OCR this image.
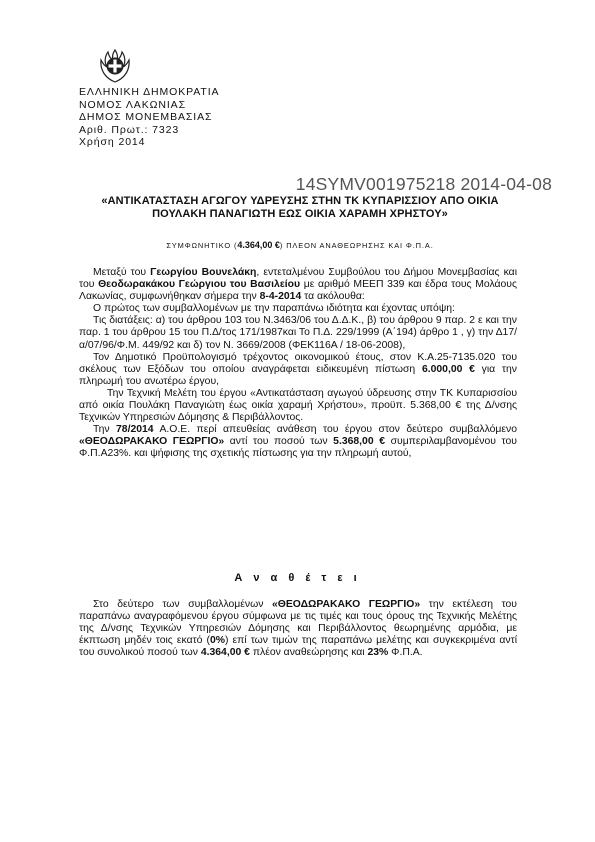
ΕΛΛΗΝΙΚΗ ΔΗΜΟΚΡΑΤΙΑ
ΝΟΜΟΣ ΛΑΚΩΝΙΑΣ
ΔΗΜΟΣ ΜΟΝΕΜΒΑΣΙΑΣ
Αριθ. Πρωτ.: 7323
Χρήση 2014
14SYMV001975218 2014-04-08
«ΑΝΤΙΚΑΤΑΣΤΑΣΗ ΑΓΩΓΟΥ ΥΔΡΕΥΣΗΣ ΣΤΗΝ ΤΚ ΚΥΠΑΡΙΣΣΙΟΥ ΑΠΟ ΟΙΚΙΑ
ΠΟΥΛΑΚΗ ΠΑΝΑΓΙΩΤΗ ΕΩΣ ΟΙΚΙΑ ΧΑΡΑΜΗ ΧΡΗΣΤΟΥ»
ΣΥΜΦΩΝΗΤΙΚΟ (4.364,00 €) ΠΛΕΟΝ ΑΝΑΘΕΩΡΗΣΗΣ ΚΑΙ Φ.Π.Α.

Μεταξύ του Γεωργίου Βουνελάκη, εντεταλμένου Συμβούλου του Δήμου Μονεμβασίας και του Θεοδωρακάκου Γεώργιου του Βασιλείου με αριθμό ΜΕΕΠ 339 και έδρα τους Μολάους Λακωνίας, συμφωνήθηκαν σήμερα την 8-4-2014 τα ακόλουθα:

Ο πρώτος των συμβαλλομένων με την παραπάνω ιδιότητα και έχοντας υπόψη:

Τις διατάξεις: α) του άρθρου 103 του Ν.3463/06 του Δ.Δ.Κ., β) του άρθρου 9 παρ. 2 ε και την παρ. 1 του άρθρου 15 του Π.Δ/τος 171/1987και Το Π.Δ. 229/1999 (Α΄194) άρθρο 1 , γ) την Δ17/α/07/96/Φ.Μ. 449/92 και δ) τον Ν. 3669/2008 (ΦΕΚ116Α / 18-06-2008),

Τον Δημοτικό Προϋπολογισμό τρέχοντος οικονομικού έτους, στον Κ.Α.25-7135.020 του σκέλους των Εξόδων του οποίου αναγράφεται ειδικευμένη πίστωση 6.000,00 € για την πληρωμή του ανωτέρω έργου,

Την Τεχνική Μελέτη του έργου «Αντικατάσταση αγωγού ύδρευσης στην ΤΚ Κυπαρισσίου από οικία Πουλάκη Παναγιώτη έως οικία χαραμή Χρήστου», προϋπ. 5.368,00 € της Δ/νσης Τεχνικών Υπηρεσιών Δόμησης & Περιβάλλοντος.

Την 78/2014 Α.Ο.Ε. περί απευθείας ανάθεση του έργου στον δεύτερο συμβαλλόμενο «ΘΕΟΔΩΡΑΚΑΚΟ ΓΕΩΡΓΙΟ» αντί του ποσού των 5.368,00 € συμπεριλαμβανομένου του Φ.Π.Α23%. και ψήφισης της σχετικής πίστωσης για την πληρωμή αυτού,

Α ν α θ έ τ ε ι

Στο δεύτερο των συμβαλλομένων «ΘΕΟΔΩΡΑΚΑΚΟ ΓΕΩΡΓΙΟ» την εκτέλεση του παραπάνω αναγραφόμενου έργου σύμφωνα με τις τιμές και τους όρους της Τεχνικής Μελέτης της Δ/νσης Τεχνικών Υπηρεσιών Δόμησης και Περιβάλλοντος θεωρημένης αρμόδια, με έκπτωση μηδέν τοις εκατό (0%) επί των τιμών της παραπάνω μελέτης και συγκεκριμένα αντί του συνολικού ποσού των 4.364,00 € πλέον αναθεώρησης και 23% Φ.Π.Α.
